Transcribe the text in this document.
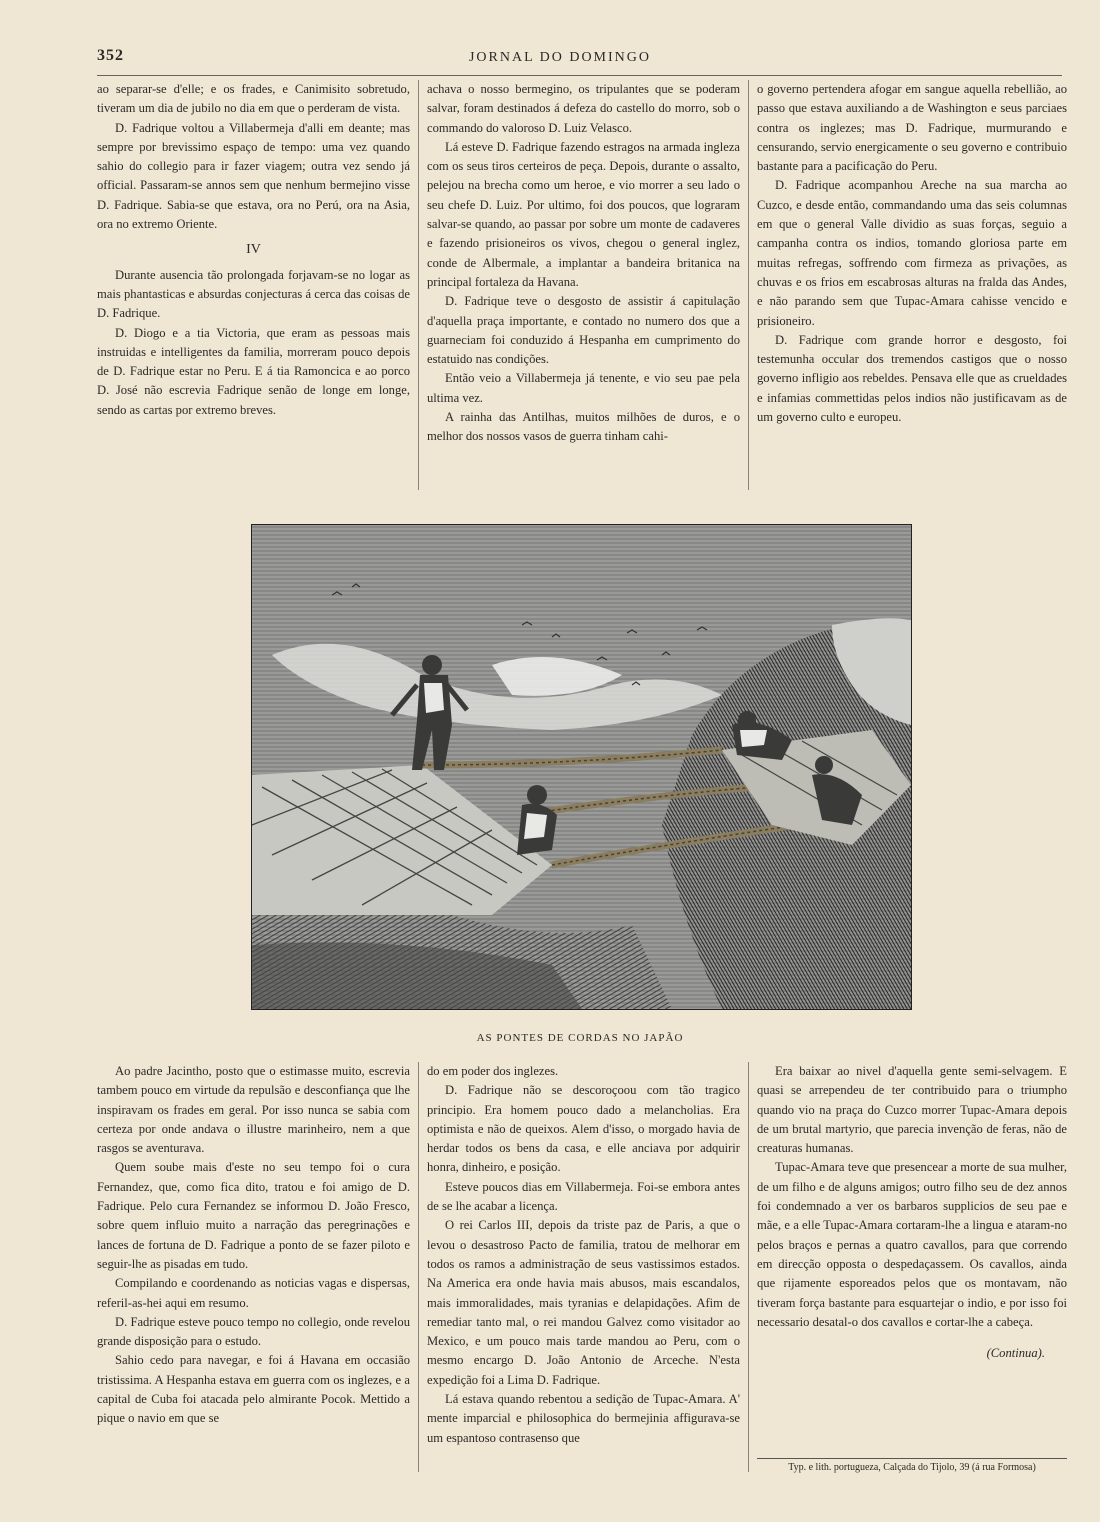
352	JORNAL DO DOMINGO

ao separar-se d'elle; e os frades, e Canimisito sobretudo, tiveram um dia de jubilo no dia em que o perderam de vista.

D. Fadrique voltou a Villabermeja d'alli em deante; mas sempre por brevissimo espaço de tempo: uma vez quando sahio do collegio para ir fazer viagem; outra vez sendo já official. Passaram-se annos sem que nenhum bermejino visse D. Fadrique. Sabia-se que estava, ora no Perú, ora na Asia, ora no extremo Oriente.

IV

Durante ausencia tão prolongada forjavam-se no logar as mais phantasticas e absurdas conjecturas á cerca das coisas de D. Fadrique.

D. Diogo e a tia Victoria, que eram as pessoas mais instruidas e intelligentes da familia, morreram pouco depois de D. Fadrique estar no Peru. E á tia Ramoncica e ao porco D. José não escrevia Fadrique senão de longe em longe, sendo as cartas por extremo breves.

achava o nosso bermegino, os tripulantes que se poderam salvar, foram destinados á defeza do castello do morro, sob o commando do valoroso D. Luiz Velasco.

Lá esteve D. Fadrique fazendo estragos na armada ingleza com os seus tiros certeiros de peça. Depois, durante o assalto, pelejou na brecha como um heroe, e vio morrer a seu lado o seu chefe D. Luiz. Por ultimo, foi dos poucos, que lograram salvar-se quando, ao passar por sobre um monte de cadaveres e fazendo prisioneiros os vivos, chegou o general inglez, conde de Albermale, a implantar a bandeira britanica na principal fortaleza da Havana.

D. Fadrique teve o desgosto de assistir á capitulação d'aquella praça importante, e contado no numero dos que a guarneciam foi conduzido á Hespanha em cumprimento do estatuido nas condições.

Então veio a Villabermeja já tenente, e vio seu pae pela ultima vez.

A rainha das Antilhas, muitos milhões de duros, e o melhor dos nossos vasos de guerra tinham cahi-

o governo pertendera afogar em sangue aquella rebellião, ao passo que estava auxiliando a de Washington e seus parciaes contra os inglezes; mas D. Fadrique, murmurando e censurando, servio energicamente o seu governo e contribuio bastante para a pacificação do Peru.

D. Fadrique acompanhou Areche na sua marcha ao Cuzco, e desde então, commandando uma das seis columnas em que o general Valle dividio as suas forças, seguio a campanha contra os indios, tomando gloriosa parte em muitas refregas, soffrendo com firmeza as privações, as chuvas e os frios em escabrosas alturas na fralda das Andes, e não parando sem que Tupac-Amara cahisse vencido e prisioneiro.

D. Fadrique com grande horror e desgosto, foi testemunha occular dos tremendos castigos que o nosso governo infligio aos rebeldes. Pensava elle que as crueldades e infamias commettidas pelos indios não justificavam as de um governo culto e europeu.

AS PONTES DE CORDAS NO JAPÃO

Ao padre Jacintho, posto que o estimasse muito, escrevia tambem pouco em virtude da repulsão e desconfiança que lhe inspiravam os frades em geral. Por isso nunca se sabia com certeza por onde andava o illustre marinheiro, nem a que rasgos se aventurava.

Quem soube mais d'este no seu tempo foi o cura Fernandez, que, como fica dito, tratou e foi amigo de D. Fadrique. Pelo cura Fernandez se informou D. João Fresco, sobre quem influio muito a narração das peregrinações e lances de fortuna de D. Fadrique a ponto de se fazer piloto e seguir-lhe as pisadas em tudo.

Compilando e coordenando as noticias vagas e dispersas, referil-as-hei aqui em resumo.

D. Fadrique esteve pouco tempo no collegio, onde revelou grande disposição para o estudo.

Sahio cedo para navegar, e foi á Havana em occasião tristissima. A Hespanha estava em guerra com os inglezes, e a capital de Cuba foi atacada pelo almirante Pocok. Mettido a pique o navio em que se

do em poder dos inglezes.

D. Fadrique não se descoroçoou com tão tragico principio. Era homem pouco dado a melancholias. Era optimista e não de queixos. Alem d'isso, o morgado havia de herdar todos os bens da casa, e elle anciava por adquirir honra, dinheiro, e posição.

Esteve poucos dias em Villabermeja. Foi-se embora antes de se lhe acabar a licença.

O rei Carlos III, depois da triste paz de Paris, a que o levou o desastroso Pacto de familia, tratou de melhorar em todos os ramos a administração de seus vastissimos estados. Na America era onde havia mais abusos, mais escandalos, mais immoralidades, mais tyranias e delapidações. Afim de remediar tanto mal, o rei mandou Galvez como visitador ao Mexico, e um pouco mais tarde mandou ao Peru, com o mesmo encargo D. João Antonio de Arceche. N'esta expedição foi a Lima D. Fadrique.

Lá estava quando rebentou a sedição de Tupac-Amara. A' mente imparcial e philosophica do bermejinia affigurava-se um espantoso contrasenso que

Era baixar ao nivel d'aquella gente semi-selvagem. E quasi se arrependeu de ter contribuido para o triumpho quando vio na praça do Cuzco morrer Tupac-Amara depois de um brutal martyrio, que parecia invenção de feras, não de creaturas humanas.

Tupac-Amara teve que presencear a morte de sua mulher, de um filho e de alguns amigos; outro filho seu de dez annos foi condemnado a ver os barbaros supplicios de seu pae e mãe, e a elle Tupac-Amara cortaram-lhe a lingua e ataram-no pelos braços e pernas a quatro cavallos, para que correndo em direcção opposta o despedaçassem. Os cavallos, ainda que rijamente esporeados pelos que os montavam, não tiveram força bastante para esquartejar o indio, e por isso foi necessario desatal-o dos cavallos e cortar-lhe a cabeça.

(Continua).

Typ. e lith. portugueza, Calçada do Tijolo, 39 (á rua Formosa)
